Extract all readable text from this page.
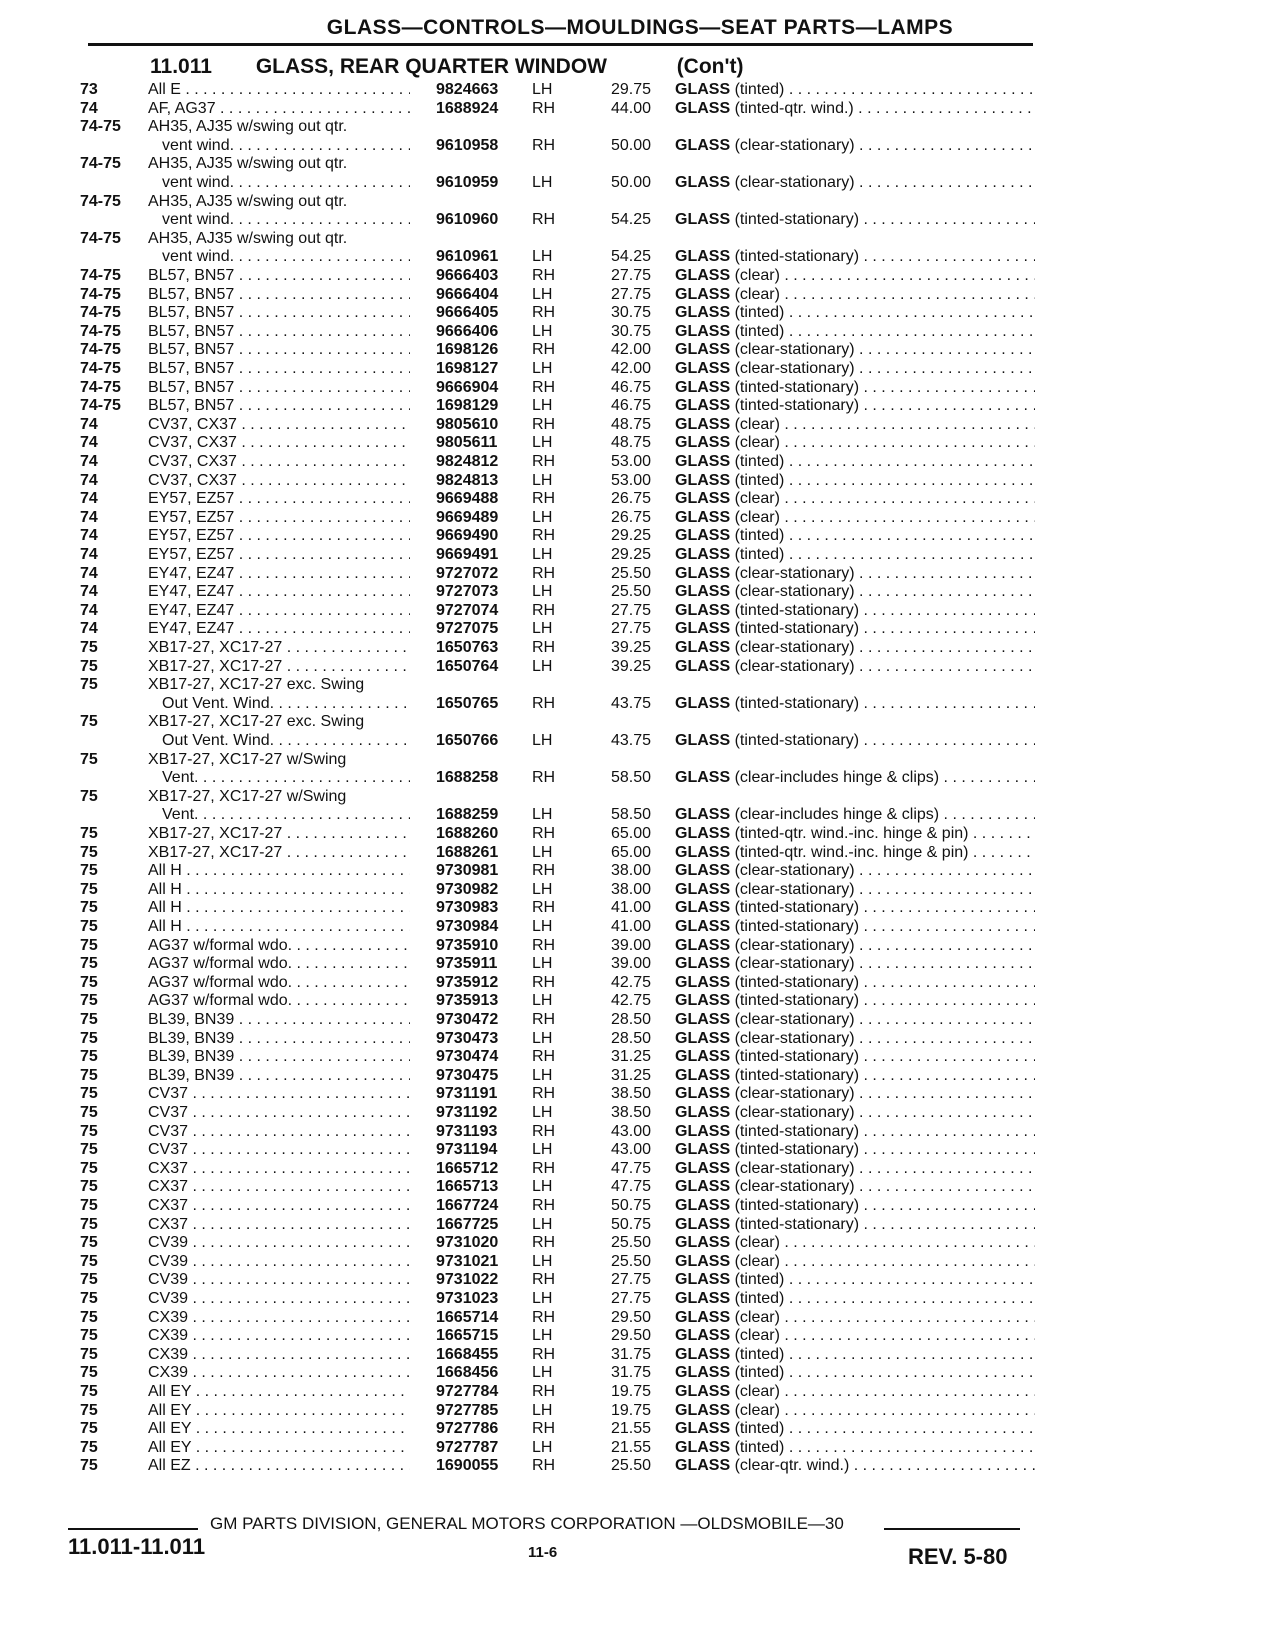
GLASS—CONTROLS—MOULDINGS—SEAT PARTS—LAMPS
11.011 GLASS, REAR QUARTER WINDOW	(Con't)
73	All E . . .	9824663	LH	29.75 GLASS (tinted) . . .
74	AF, AG37 . . .	1688924	RH	44.00 GLASS (tinted-qtr. wind.) . . .
74-75	AH35, AJ35 w/swing out qtr.
vent wind. . . .	9610958	RH	50.00 GLASS (clear-stationary) . . .
74-75	AH35, AJ35 w/swing out qtr.
vent wind. . . .	9610959	LH	50.00 GLASS (clear-stationary) . . .
74-75	AH35, AJ35 w/swing out qtr.
vent wind. . . .	9610960	RH	54.25 GLASS (tinted-stationary) . . .
74-75	AH35, AJ35 w/swing out qtr.
vent wind. . . .	9610961	LH	54.25 GLASS (tinted-stationary) . . .
74-75	BL57, BN57 . . .	9666403	RH	27.75 GLASS (clear) . . .
74-75	BL57, BN57 . . .	9666404	LH	27.75 GLASS (clear) . . .
74-75	BL57, BN57 . . .	9666405	RH	30.75 GLASS (tinted) . . .
74-75	BL57, BN57 . . .	9666406	LH	30.75 GLASS (tinted) . . .
74-75	BL57, BN57 . . .	1698126	RH	42.00 GLASS (clear-stationary) . . .
74-75	BL57, BN57 . . .	1698127	LH	42.00 GLASS (clear-stationary) . . .
74-75	BL57, BN57 . . .	9666904	RH	46.75 GLASS (tinted-stationary) . . .
74-75	BL57, BN57 . . .	1698129	LH	46.75 GLASS (tinted-stationary) . . .
74	CV37, CX37 . . .	9805610	RH	48.75 GLASS (clear) . . .
74	CV37, CX37 . . .	9805611	LH	48.75 GLASS (clear) . . .
74	CV37, CX37 . . .	9824812	RH	53.00 GLASS (tinted) . . .
74	CV37, CX37 . . .	9824813	LH	53.00 GLASS (tinted) . . .
74	EY57, EZ57 . . .	9669488	RH	26.75 GLASS (clear) . . .
74	EY57, EZ57 . . .	9669489	LH	26.75 GLASS (clear) . . .
74	EY57, EZ57 . . .	9669490	RH	29.25 GLASS (tinted) . . .
74	EY57, EZ57 . . .	9669491	LH	29.25 GLASS (tinted) . . .
74	EY47, EZ47 . . .	9727072	RH	25.50 GLASS (clear-stationary) . . .
74	EY47, EZ47 . . .	9727073	LH	25.50 GLASS (clear-stationary) . . .
74	EY47, EZ47 . . .	9727074	RH	27.75 GLASS (tinted-stationary) . . .
74	EY47, EZ47 . . .	9727075	LH	27.75 GLASS (tinted-stationary) . . .
75	XB17-27, XC17-27 . . .	1650763	RH	39.25 GLASS (clear-stationary) . . .
75	XB17-27, XC17-27 . . .	1650764	LH	39.25 GLASS (clear-stationary) . . .
75	XB17-27, XC17-27 exc. Swing
Out Vent. Wind. . . .	1650765	RH	43.75 GLASS (tinted-stationary) . . .
75	XB17-27, XC17-27 exc. Swing
Out Vent. Wind. . . .	1650766	LH	43.75 GLASS (tinted-stationary) . . .
75	XB17-27, XC17-27 w/Swing
Vent. . . .	1688258	RH	58.50 GLASS (clear-includes hinge & clips) . . .
75	XB17-27, XC17-27 w/Swing
Vent. . . .	1688259	LH	58.50 GLASS (clear-includes hinge & clips) . . .
75	XB17-27, XC17-27 . . .	1688260	RH	65.00 GLASS (tinted-qtr. wind.-inc. hinge & pin) . . .
75	XB17-27, XC17-27 . . .	1688261	LH	65.00 GLASS (tinted-qtr. wind.-inc. hinge & pin) . . .
75	All H . . .	9730981	RH	38.00 GLASS (clear-stationary) . . .
75	All H . . .	9730982	LH	38.00 GLASS (clear-stationary) . . .
75	All H . . .	9730983	RH	41.00 GLASS (tinted-stationary) . . .
75	All H . . .	9730984	LH	41.00 GLASS (tinted-stationary) . . .
75	AG37 w/formal wdo. . . .	9735910	RH	39.00 GLASS (clear-stationary) . . .
75	AG37 w/formal wdo. . . .	9735911	LH	39.00 GLASS (clear-stationary) . . .
75	AG37 w/formal wdo. . . .	9735912	RH	42.75 GLASS (tinted-stationary) . . .
75	AG37 w/formal wdo. . . .	9735913	LH	42.75 GLASS (tinted-stationary) . . .
75	BL39, BN39 . . .	9730472	RH	28.50 GLASS (clear-stationary) . . .
75	BL39, BN39 . . .	9730473	LH	28.50 GLASS (clear-stationary) . . .
75	BL39, BN39 . . .	9730474	RH	31.25 GLASS (tinted-stationary) . . .
75	BL39, BN39 . . .	9730475	LH	31.25 GLASS (tinted-stationary) . . .
75	CV37 . . .	9731191	RH	38.50 GLASS (clear-stationary) . . .
75	CV37 . . .	9731192	LH	38.50 GLASS (clear-stationary) . . .
75	CV37 . . .	9731193	RH	43.00 GLASS (tinted-stationary) . . .
75	CV37 . . .	9731194	LH	43.00 GLASS (tinted-stationary) . . .
75	CX37 . . .	1665712	RH	47.75 GLASS (clear-stationary) . . .
75	CX37 . . .	1665713	LH	47.75 GLASS (clear-stationary) . . .
75	CX37 . . .	1667724	RH	50.75 GLASS (tinted-stationary) . . .
75	CX37 . . .	1667725	LH	50.75 GLASS (tinted-stationary) . . .
75	CV39 . . .	9731020	RH	25.50 GLASS (clear) . . .
75	CV39 . . .	9731021	LH	25.50 GLASS (clear) . . .
75	CV39 . . .	9731022	RH	27.75 GLASS (tinted) . . .
75	CV39 . . .	9731023	LH	27.75 GLASS (tinted) . . .
75	CX39 . . .	1665714	RH	29.50 GLASS (clear) . . .
75	CX39 . . .	1665715	LH	29.50 GLASS (clear) . . .
75	CX39 . . .	1668455	RH	31.75 GLASS (tinted) . . .
75	CX39 . . .	1668456	LH	31.75 GLASS (tinted) . . .
75	All EY . . .	9727784	RH	19.75 GLASS (clear) . . .
75	All EY . . .	9727785	LH	19.75 GLASS (clear) . . .
75	All EY . . .	9727786	RH	21.55 GLASS (tinted) . . .
75	All EY . . .	9727787	LH	21.55 GLASS (tinted) . . .
75	All EZ . . .	1690055	RH	25.50 GLASS (clear-qtr. wind.) . . .
GM PARTS DIVISION, GENERAL MOTORS CORPORATION —OLDSMOBILE—30
11.011-11.011	11-6	REV. 5-80
